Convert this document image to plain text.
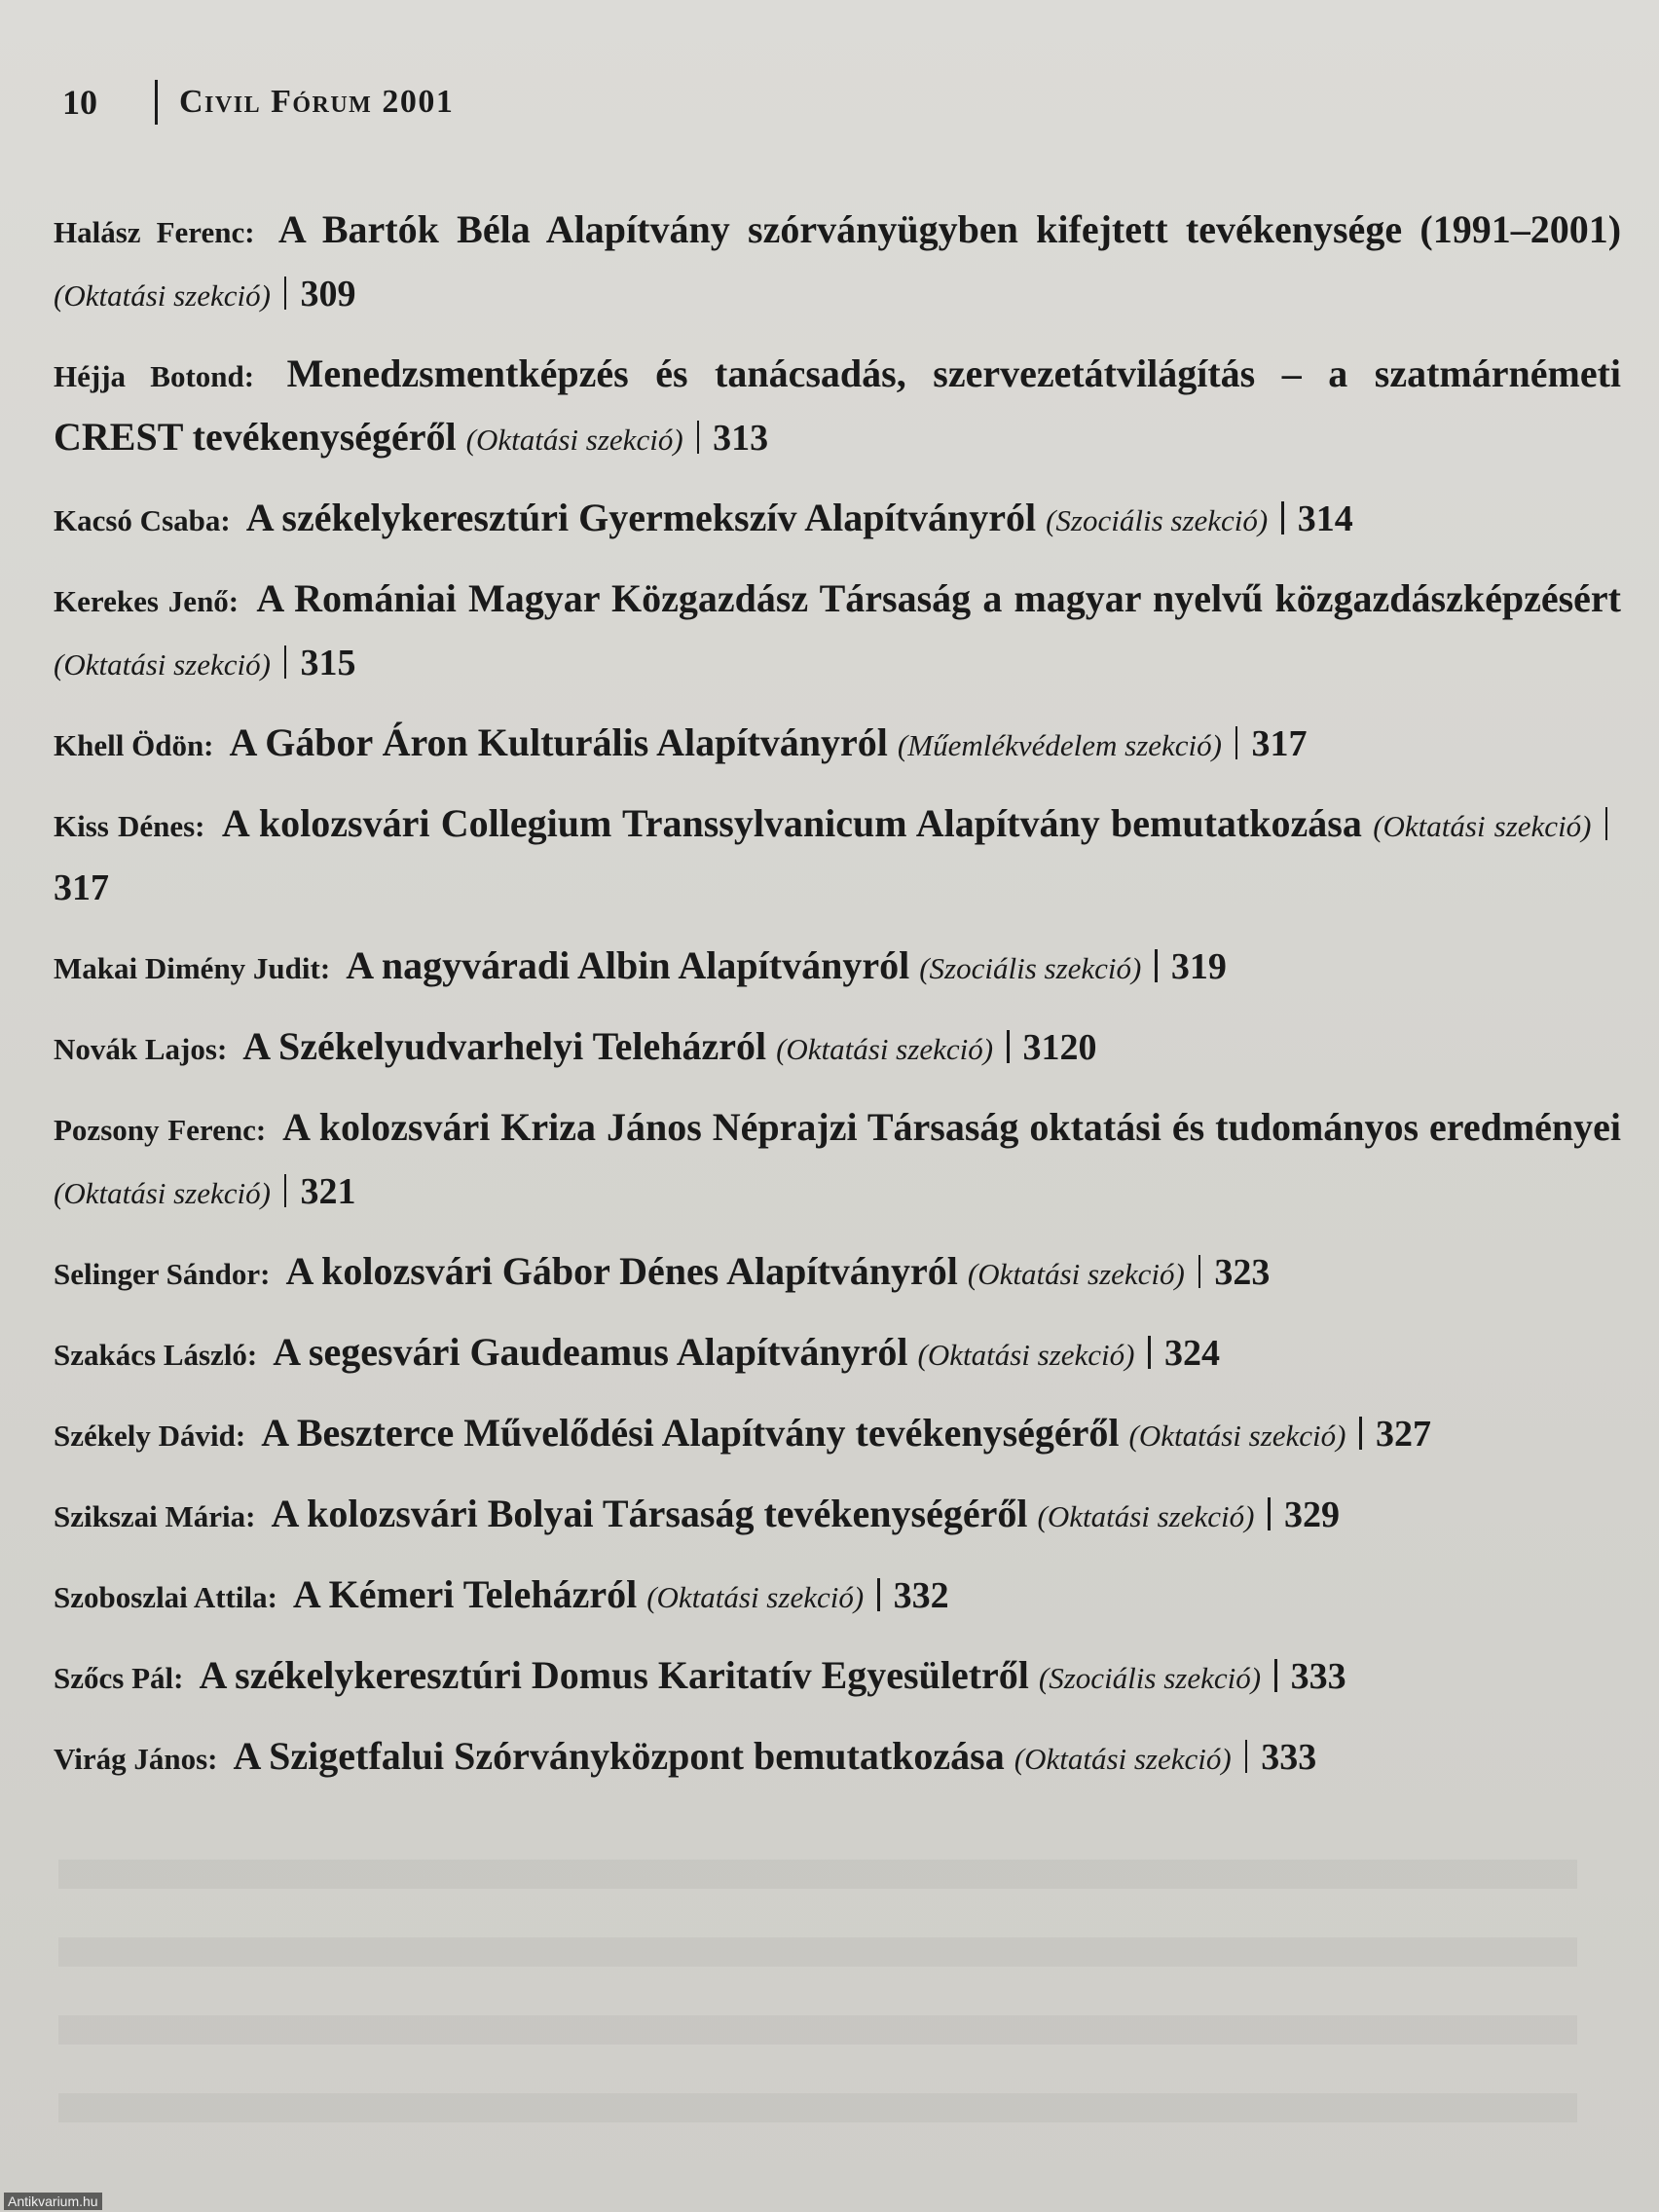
10	Civil Fórum 2001
Halász Ferenc: A Bartók Béla Alapítvány szórványügyben kifejtett tevékenysége (1991–2001) (Oktatási szekció) 309
Héjja Botond: Menedzsmentképzés és tanácsadás, szervezetátvilágítás – a szatmárnémeti CREST tevékenységéről (Oktatási szekció) 313
Kacsó Csaba: A székelykeresztúri Gyermekszív Alapítványról (Szociális szekció) 314
Kerekes Jenő: A Romániai Magyar Közgazdász Társaság a magyar nyelvű közgazdászképzésért (Oktatási szekció) 315
Khell Ödön: A Gábor Áron Kulturális Alapítványról (Műemlékvédelem szekció) 317
Kiss Dénes: A kolozsvári Collegium Transsylvanicum Alapítvány bemutatkozása (Oktatási szekció)317
Makai Dimény Judit: A nagyváradi Albin Alapítványról (Szociális szekció) 319
Novák Lajos: A Székelyudvarhelyi Teleházról (Oktatási szekció) 3120
Pozsony Ferenc: A kolozsvári Kriza János Néprajzi Társaság oktatási és tudományos eredményei (Oktatási szekció) 321
Selinger Sándor: A kolozsvári Gábor Dénes Alapítványról (Oktatási szekció) 323
Szakács László: A segesvári Gaudeamus Alapítványról (Oktatási szekció) 324
Székely Dávid: A Beszterce Művelődési Alapítvány tevékenységéről (Oktatási szekció) 327
Szikszai Mária: A kolozsvári Bolyai Társaság tevékenységéről (Oktatási szekció) 329
Szoboszlai Attila: A Kémeri Teleházról (Oktatási szekció) 332
Szőcs Pál: A székelykeresztúri Domus Karitatív Egyesületről (Szociális szekció) 333
Virág János: A Szigetfalui Szórványközpont bemutatkozása (Oktatási szekció) 333
Antikvarium.hu
